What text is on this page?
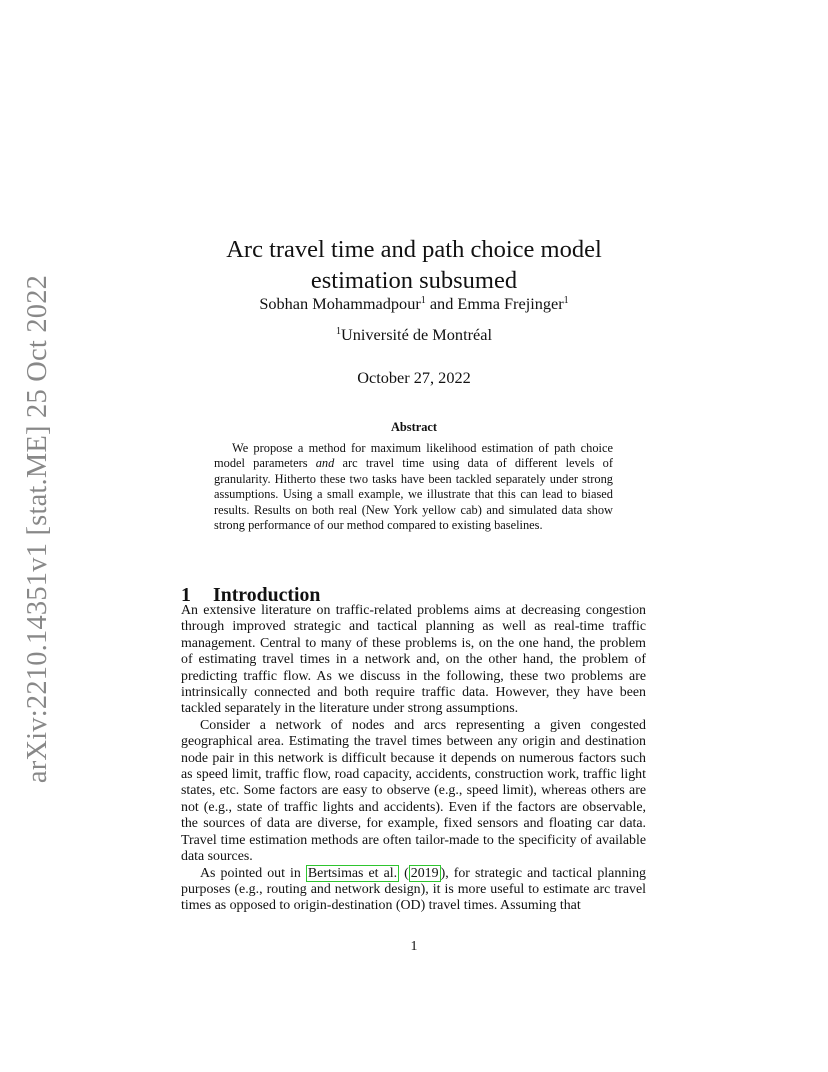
arXiv:2210.14351v1 [stat.ME] 25 Oct 2022
Arc travel time and path choice model
estimation subsumed
Sobhan Mohammadpour$^1$ and Emma Frejinger$^1$
$^1$Université de Montréal
October 27, 2022
Abstract

We propose a method for maximum likelihood estimation of path choice model parameters and arc travel time using data of different levels of granularity. Hitherto these two tasks have been tackled separately under strong assumptions. Using a small example, we illustrate that this can lead to biased results. Results on both real (New York yellow cab) and simulated data show strong performance of our method compared to existing baselines.

1 Introduction

An extensive literature on traffic-related problems aims at decreasing congestion through improved strategic and tactical planning as well as real-time traffic management. Central to many of these problems is, on the one hand, the problem of estimating travel times in a network and, on the other hand, the problem of predicting traffic flow. As we discuss in the following, these two problems are intrinsically connected and both require traffic data. However, they have been tackled separately in the literature under strong assumptions.

Consider a network of nodes and arcs representing a given congested geographical area. Estimating the travel times between any origin and destination node pair in this network is difficult because it depends on numerous factors such as speed limit, traffic flow, road capacity, accidents, construction work, traffic light states, etc. Some factors are easy to observe (e.g., speed limit), whereas others are not (e.g., state of traffic lights and accidents). Even if the factors are observable, the sources of data are diverse, for example, fixed sensors and floating car data. Travel time estimation methods are often tailor-made to the specificity of available data sources.

As pointed out in Bertsimas et al. ( 2019 ), for strategic and tactical planning purposes (e.g., routing and network design), it is more useful to estimate arc travel times as opposed to origin-destination (OD) travel times. Assuming that

1
